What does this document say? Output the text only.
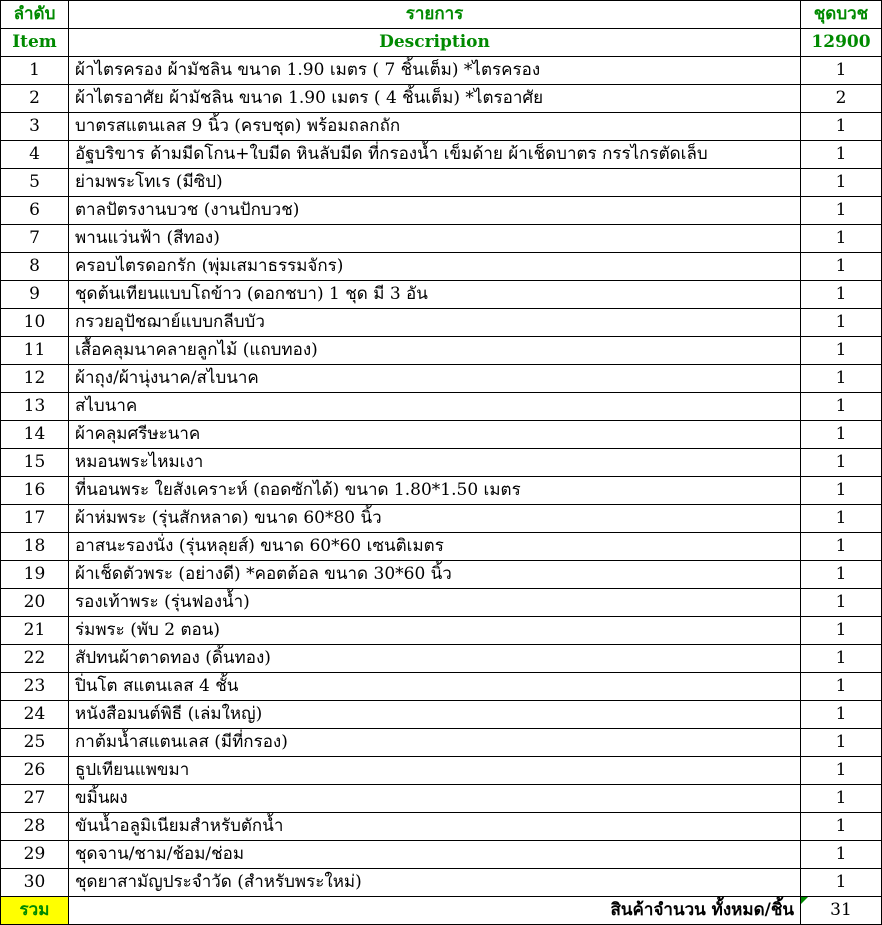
ลำดับ	รายการ	ชุดบวช
Item	Description	12900
1	ผ้าไตรครอง ผ้ามัชลิน ขนาด 1.90 เมตร ( 7 ชิ้นเต็ม) *ไตรครอง	1
2	ผ้าไตรอาศัย ผ้ามัชลิน ขนาด 1.90 เมตร ( 4 ชิ้นเต็ม) *ไตรอาศัย	2
3	บาตรสแตนเลส 9 นิ้ว (ครบชุด) พร้อมถลกถัก	1
4	อัฐบริขาร ด้ามมีดโกน+ใบมีด หินลับมีด ที่กรองน้ำ เข็มด้าย ผ้าเช็ดบาตร กรรไกรตัดเล็บ	1
5	ย่ามพระโทเร (มีซิป)	1
6	ตาลปัตรงานบวช (งานปักบวช)	1
7	พานแว่นฟ้า (สีทอง)	1
8	ครอบไตรดอกรัก (พุ่มเสมาธรรมจักร)	1
9	ชุดต้นเทียนแบบโถข้าว (ดอกชบา) 1 ชุด มี 3 อัน	1
10	กรวยอุปัชฌาย์แบบกลีบบัว	1
11	เสื้อคลุมนาคลายลูกไม้ (แถบทอง)	1
12	ผ้าถุง/ผ้านุ่งนาค/สไบนาค	1
13	สไบนาค	1
14	ผ้าคลุมศรีษะนาค	1
15	หมอนพระไหมเงา	1
16	ที่นอนพระ ใยสังเคราะห์ (ถอดซักได้) ขนาด 1.80*1.50 เมตร	1
17	ผ้าห่มพระ (รุ่นสักหลาด) ขนาด 60*80 นิ้ว	1
18	อาสนะรองนั่ง (รุ่นหลุยส์) ขนาด 60*60 เซนติเมตร	1
19	ผ้าเช็ดตัวพระ (อย่างดี) *คอตต้อล ขนาด 30*60 นิ้ว	1
20	รองเท้าพระ (รุ่นฟองน้ำ)	1
21	ร่มพระ (พับ 2 ตอน)	1
22	สัปทนผ้าตาดทอง (ดิ้นทอง)	1
23	ปิ่นโต สแตนเลส 4 ชั้น	1
24	หนังสือมนต์พิธี (เล่มใหญ่)	1
25	กาต้มน้ำสแตนเลส (มีที่กรอง)	1
26	ธูปเทียนแพขมา	1
27	ขมิ้นผง	1
28	ขันน้ำอลูมิเนียมสำหรับตักน้ำ	1
29	ชุดจาน/ชาม/ช้อม/ช่อม	1
30	ชุดยาสามัญประจำวัด (สำหรับพระใหม่)	1
รวม	สินค้าจำนวน ทั้งหมด/ชิ้น	31
